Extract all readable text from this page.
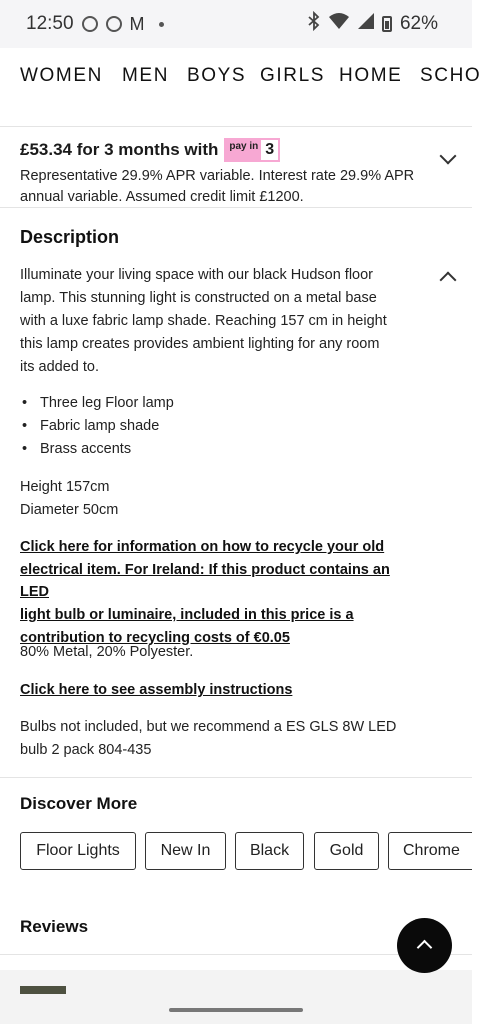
12:50	M	62%
WOMEN MEN BOYS GIRLS HOME SCHO
£53.34 for 3 months with	pay in 3
Representative 29.9% APR variable. Interest rate 29.9% APR
annual variable. Assumed credit limit £1200.
Description
Illuminate your living space with our black Hudson floor
lamp. This stunning light is constructed on a metal base
with a luxe fabric lamp shade. Reaching 157 cm in height
this lamp creates provides ambient lighting for any room
its added to.
• Three leg Floor lamp
• Fabric lamp shade
• Brass accents
Height 157cm
Diameter 50cm
Click here for information on how to recycle your old
electrical item. For Ireland: If this product contains an LED
light bulb or luminaire, included in this price is a
contribution to recycling costs of €0.05
80% Metal, 20% Polyester.
Click here to see assembly instructions
Bulbs not included, but we recommend a ES GLS 8W LED
bulb 2 pack 804-435
Discover More
Floor Lights	New In	Black	Gold	Chrome
Reviews
